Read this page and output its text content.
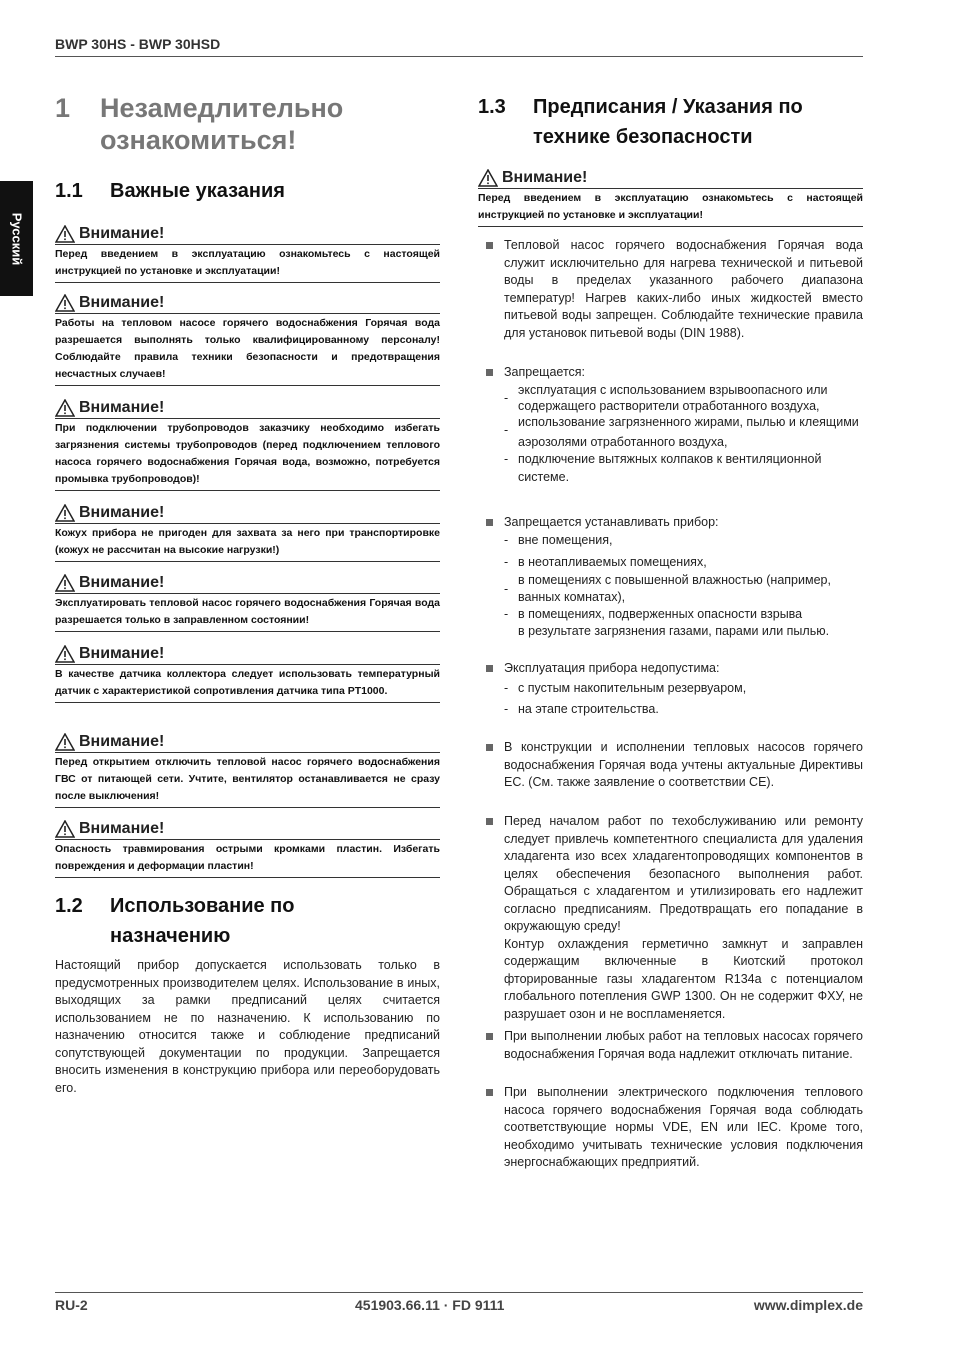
BWP 30HS - BWP 30HSD
Русский
1 Незамедлительно ознакомиться!
1.1 Важные указания
Внимание!
Перед введением в эксплуатацию ознакомьтесь с настоящей инструкцией по установке и эксплуатации!
Внимание!
Работы на тепловом насосе горячего водоснабжения Горячая вода разрешается выполнять только квалифицированному персоналу! Соблюдайте правила техники безопасности и предотвращения несчастных случаев!
Внимание!
При подключении трубопроводов заказчику необходимо избегать загрязнения системы трубопроводов (перед подключением теплового насоса горячего водоснабжения Горячая вода, возможно, потребуется промывка трубопроводов)!
Внимание!
Кожух прибора не пригоден для захвата за него при транспортировке (кожух не рассчитан на высокие нагрузки!)
Внимание!
Эксплуатировать тепловой насос горячего водоснабжения Горячая вода разрешается только в заправленном состоянии!
Внимание!
В качестве датчика коллектора следует использовать температурный датчик с характеристикой сопротивления датчика типа PT1000.
Внимание!
Перед открытием отключить тепловой насос горячего водоснабжения ГВС от питающей сети. Учтите, вентилятор останавливается не сразу после выключения!
Внимание!
Опасность травмирования острыми кромками пластин. Избегать повреждения и деформации пластин!
1.2 Использование по
назначению
Настоящий прибор допускается использовать только в предусмотренных производителем целях. Использование в иных, выходящих за рамки предписаний целях считается использованием не по назначению. К использованию по назначению относится также и соблюдение предписаний сопутствующей документации по продукции. Запрещается вносить изменения в конструкцию прибора или переоборудовать его.
1.3 Предписания / Указания по
технике безопасности
Внимание!
Перед введением в эксплуатацию ознакомьтесь с настоящей инструкцией по установке и эксплуатации!
Тепловой насос горячего водоснабжения Горячая вода служит исключительно для нагрева технической и питьевой воды в пределах указанного рабочего диапазона температур! Нагрев каких-либо иных жидкостей вместо питьевой воды запрещен. Соблюдайте технические правила для установок питьевой воды (DIN 1988).
Запрещается:
-
эксплуатация с использованием взрывоопасного или содержащего растворители отработанного воздуха,
-
использование загрязненного жирами, пылью и клеящими
аэрозолями отработанного воздуха,
- подключение вытяжных колпаков к вентиляционной системе.
Запрещается устанавливать прибор:
- вне помещения,
- в неотапливаемых помещениях,
-
в помещениях с повышенной влажностью (например, ванных комнатах),
- в помещениях, подверженных опасности взрыва
в результате загрязнения газами, парами или пылью.
Эксплуатация прибора недопустима:
- с пустым накопительным резервуаром,
- на этапе строительства.
В конструкции и исполнении тепловых насосов горячего водоснабжения Горячая вода учтены актуальные Директивы ЕС. (См. также заявление о соответствии CE).
Перед началом работ по техобслуживанию или ремонту следует привлечь компетентного специалиста для удаления хладагента изо всех хладагентопроводящих компонентов в целях обеспечения безопасного выполнения работ. Обращаться с хладагентом и утилизировать его надлежит согласно предписаниям. Предотвращать его попадание в окружающую среду!
Контур охлаждения герметично замкнут и заправлен содержащим включенные в Киотский протокол фторированные газы хладагентом R134a с потенциалом глобального потепления GWP 1300. Он не содержит ФХУ, не разрушает озон и не воспламеняется.
При выполнении любых работ на тепловых насосах горячего водоснабжения Горячая вода надлежит отключать питание.
При выполнении электрического подключения теплового насоса горячего водоснабжения Горячая вода соблюдать соответствующие нормы VDE, EN или IEC. Кроме того, необходимо учитывать технические условия подключения энергоснабжающих предприятий.
RU-2	451903.66.11 · FD 9111	www.dimplex.de
